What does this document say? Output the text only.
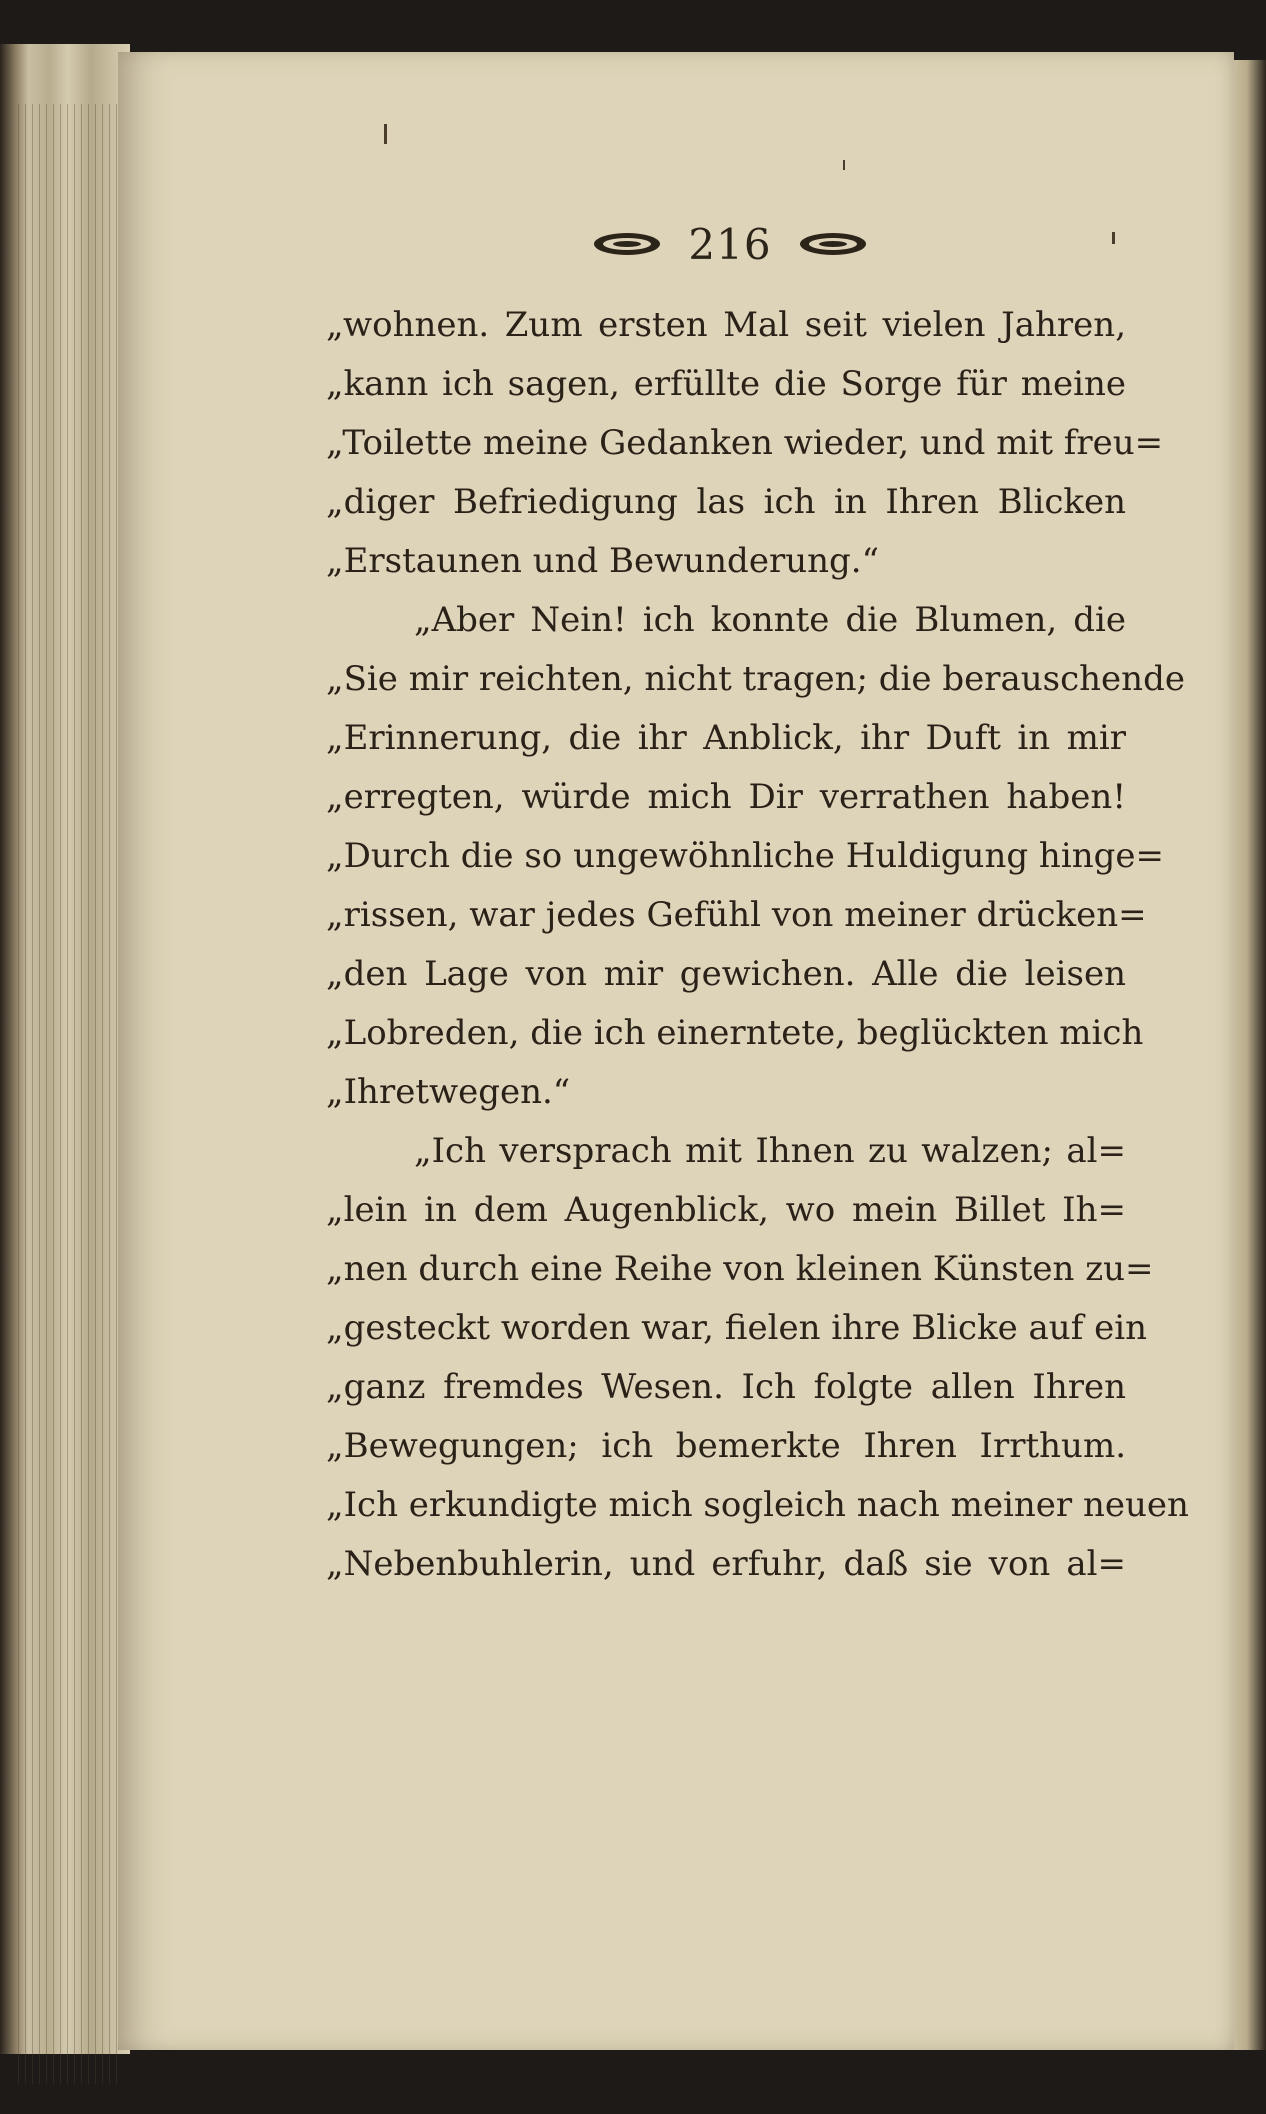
216
„wohnen. Zum ersten Mal seit vielen Jahren,
„kann ich sagen, erfüllte die Sorge für meine
„Toilette meine Gedanken wieder, und mit freu=
„diger Befriedigung las ich in Ihren Blicken
„Erstaunen und Bewunderung.“
„Aber Nein! ich konnte die Blumen, die
„Sie mir reichten, nicht tragen; die berauschende
„Erinnerung, die ihr Anblick, ihr Duft in mir
„erregten, würde mich Dir verrathen haben!
„Durch die so ungewöhnliche Huldigung hinge=
„rissen, war jedes Gefühl von meiner drücken=
„den Lage von mir gewichen. Alle die leisen
„Lobreden, die ich einerntete, beglückten mich
„Ihretwegen.“
„Ich versprach mit Ihnen zu walzen; al=
„lein in dem Augenblick, wo mein Billet Ih=
„nen durch eine Reihe von kleinen Künsten zu=
„gesteckt worden war, fielen ihre Blicke auf ein
„ganz fremdes Wesen. Ich folgte allen Ihren
„Bewegungen; ich bemerkte Ihren Irrthum.
„Ich erkundigte mich sogleich nach meiner neuen
„Nebenbuhlerin, und erfuhr, daß sie von al=
